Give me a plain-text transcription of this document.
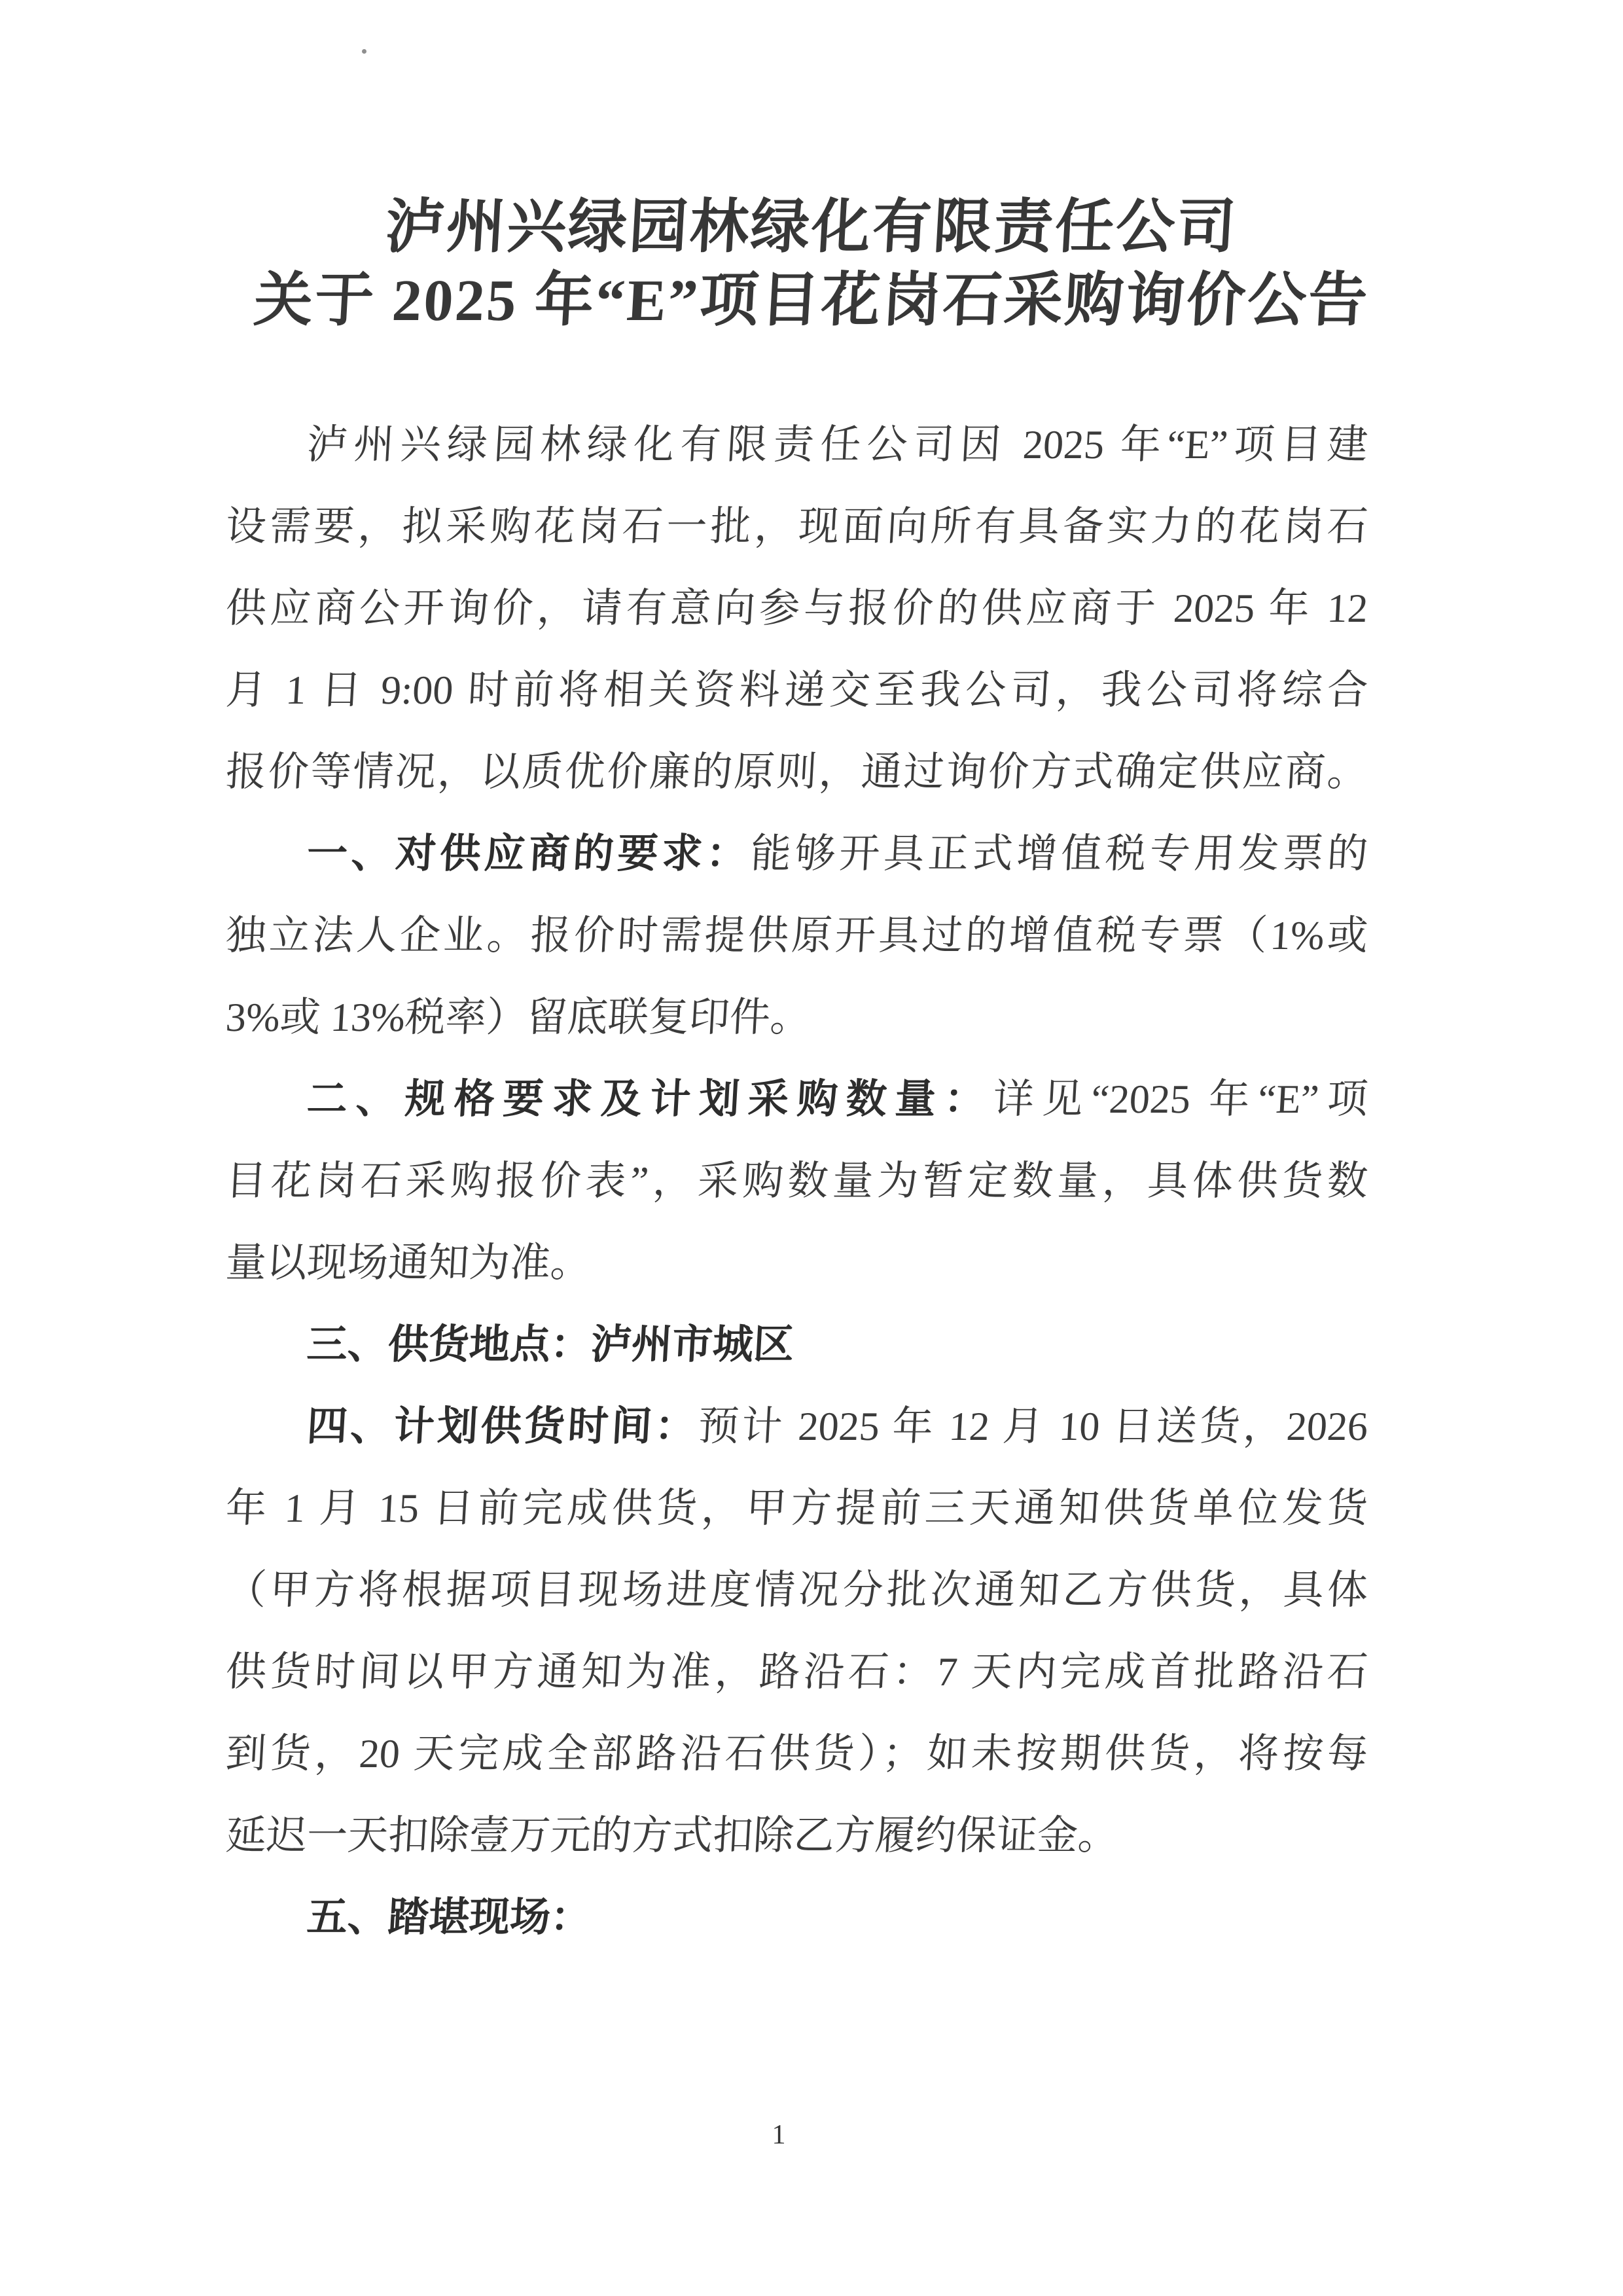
泸州兴绿园林绿化有限责任公司
关于 2025 年“E”项目花岗石采购询价公告
泸州兴绿园林绿化有限责任公司因 2025 年“E”项目建
设需要，拟采购花岗石一批，现面向所有具备实力的花岗石
供应商公开询价，请有意向参与报价的供应商于 2025 年 12
月 1 日 9:00 时前将相关资料递交至我公司，我公司将综合
报价等情况，以质优价廉的原则，通过询价方式确定供应商。
一、对供应商的要求：能够开具正式增值税专用发票的
独立法人企业。报价时需提供原开具过的增值税专票（1%或
3%或 13%税率）留底联复印件。
二、规格要求及计划采购数量：详见“2025 年“E”项
目花岗石采购报价表”，采购数量为暂定数量，具体供货数
量以现场通知为准。
三、供货地点：泸州市城区
四、计划供货时间：预计 2025 年 12 月 10 日送货，2026
年 1 月 15 日前完成供货，甲方提前三天通知供货单位发货
（甲方将根据项目现场进度情况分批次通知乙方供货，具体
供货时间以甲方通知为准，路沿石：7 天内完成首批路沿石
到货，20 天完成全部路沿石供货）；如未按期供货，将按每
延迟一天扣除壹万元的方式扣除乙方履约保证金。
五、踏堪现场：
1
